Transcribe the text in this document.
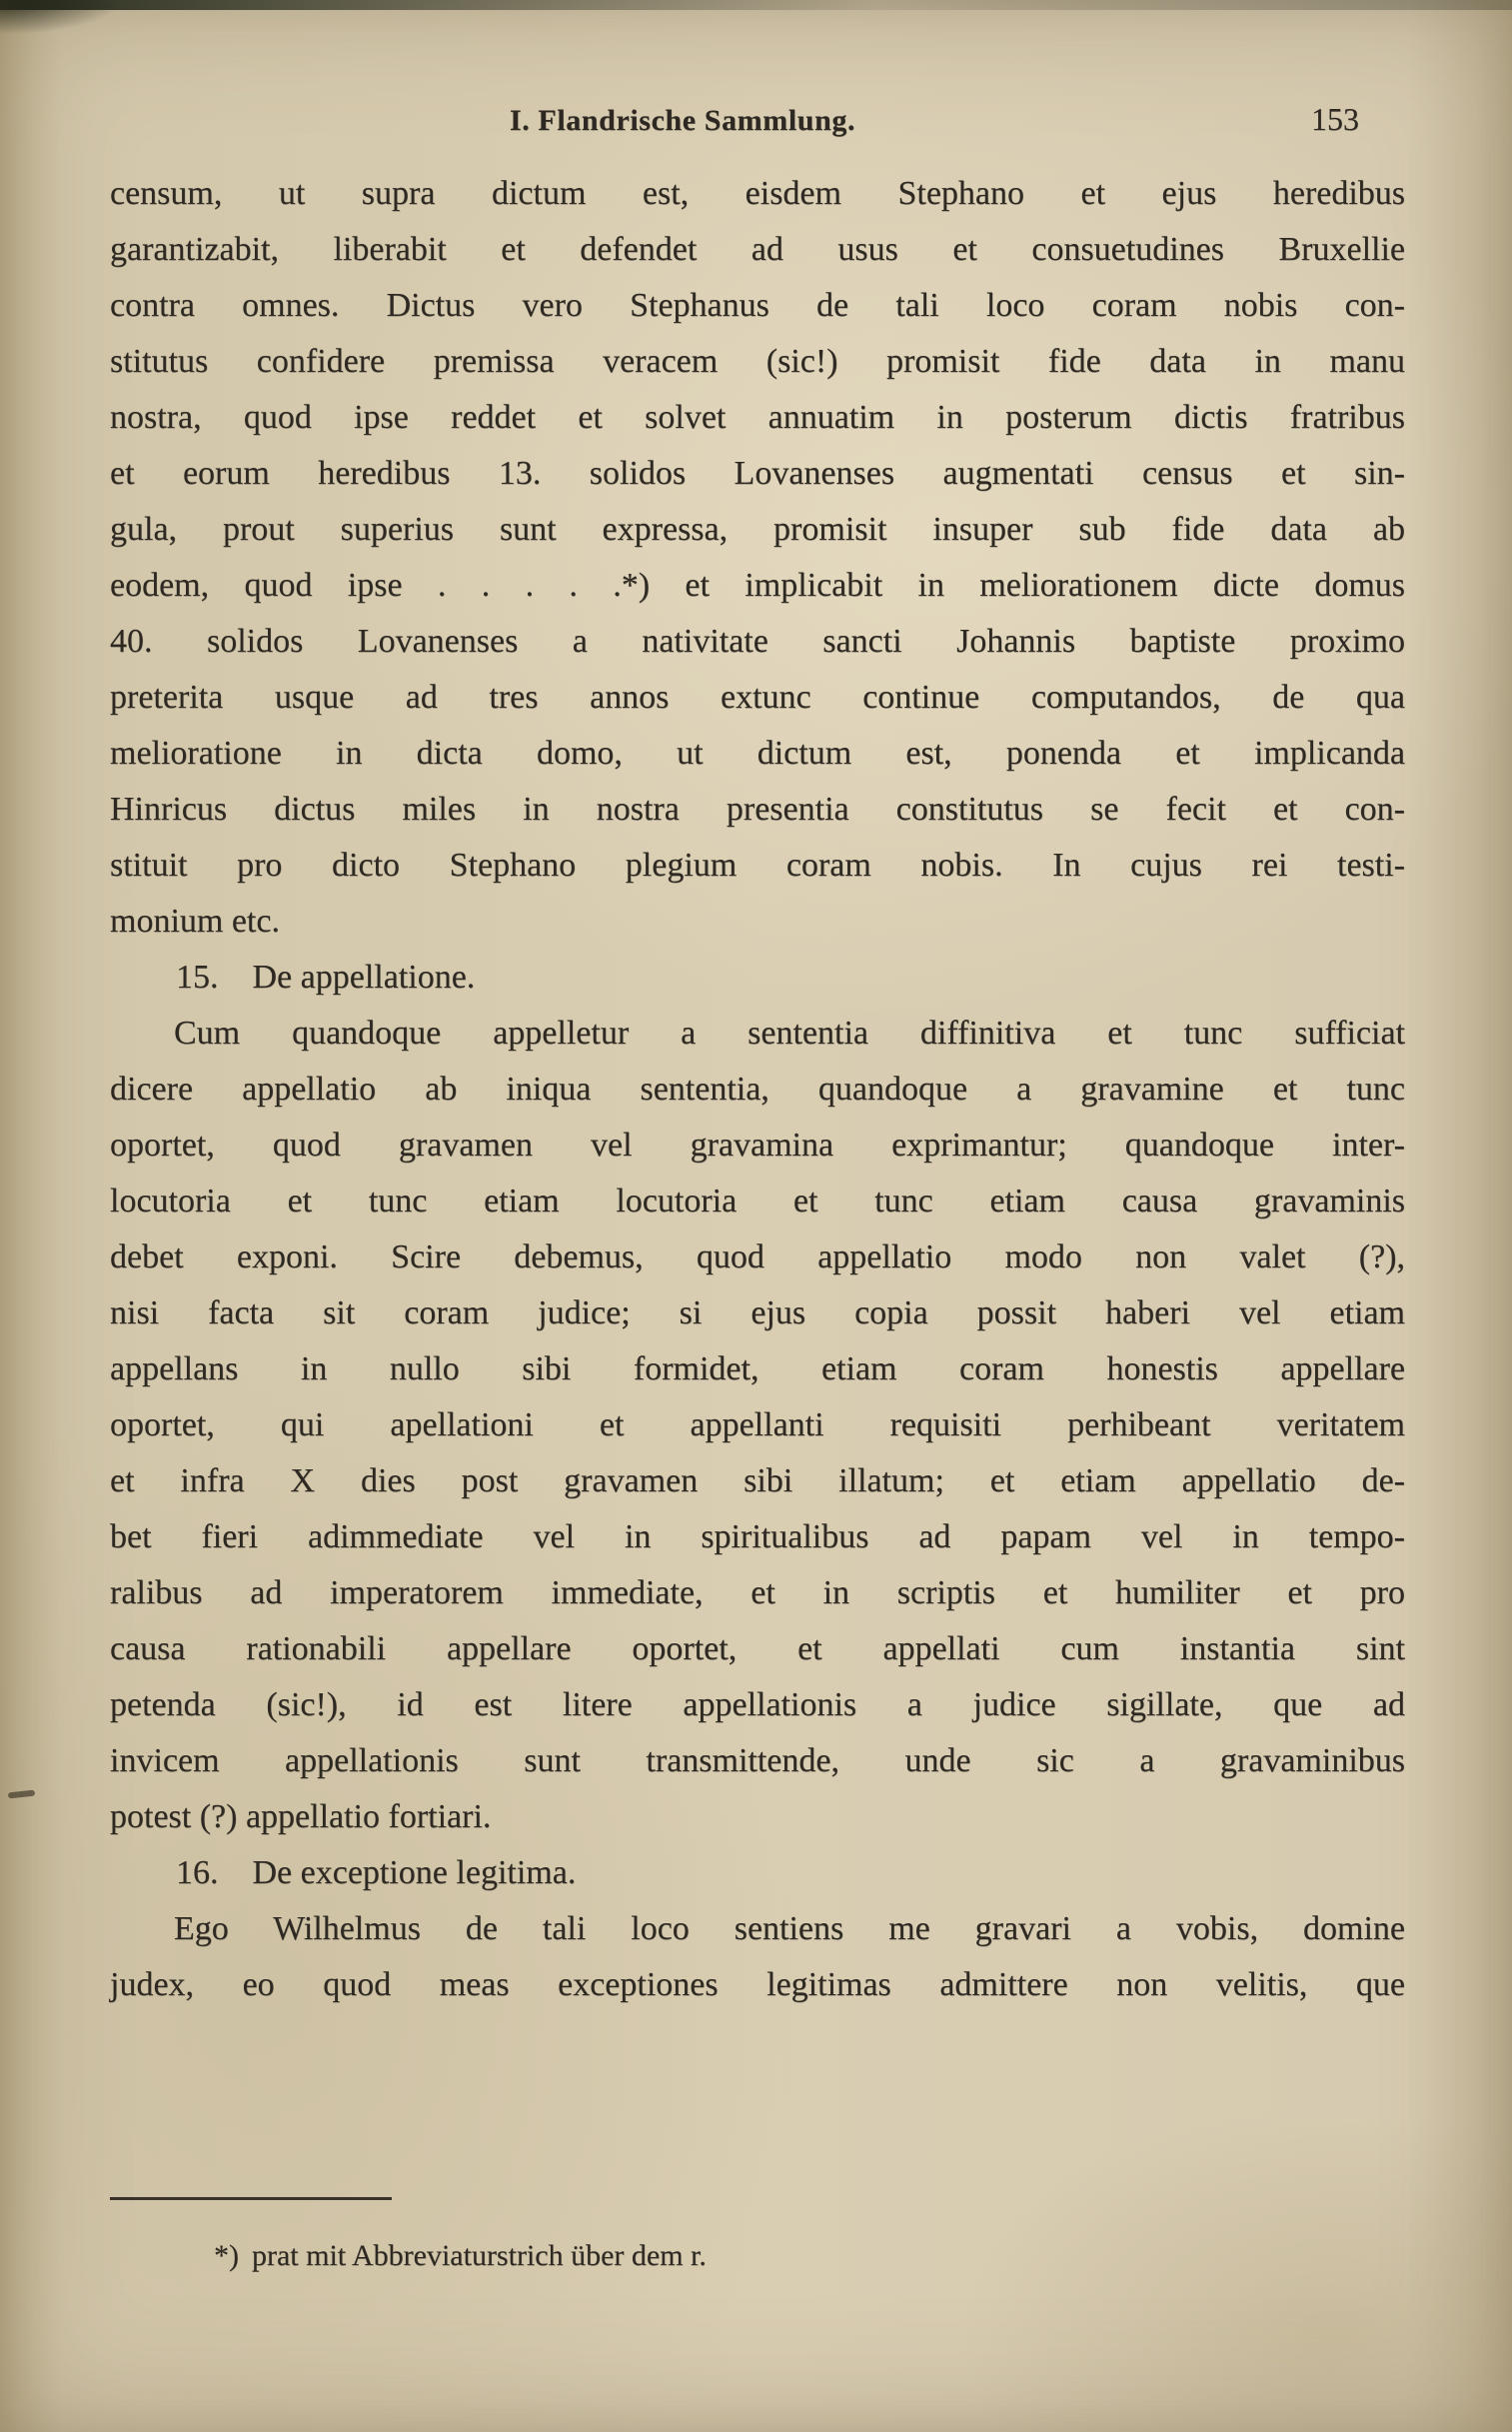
I. Flandrische Sammlung.	153
censum, ut supra dictum est, eisdem Stephano et ejus heredibus
garantizabit, liberabit et defendet ad usus et consuetudines Bruxellie
contra omnes. Dictus vero Stephanus de tali loco coram nobis con-
stitutus confidere premissa veracem (sic!) promisit fide data in manu
nostra, quod ipse reddet et solvet annuatim in posterum dictis fratribus
et eorum heredibus 13. solidos Lovanenses augmentati census et sin-
gula, prout superius sunt expressa, promisit insuper sub fide data ab
eodem, quod ipse . . . . .*) et implicabit in meliorationem dicte domus
40. solidos Lovanenses a nativitate sancti Johannis baptiste proximo
preterita usque ad tres annos extunc continue computandos, de qua
melioratione in dicta domo, ut dictum est, ponenda et implicanda
Hinricus dictus miles in nostra presentia constitutus se fecit et con-
stituit pro dicto Stephano plegium coram nobis. In cujus rei testi-
monium etc.
15. De appellatione.
Cum quandoque appelletur a sententia diffinitiva et tunc sufficiat
dicere appellatio ab iniqua sententia, quandoque a gravamine et tunc
oportet, quod gravamen vel gravamina exprimantur; quandoque inter-
locutoria et tunc etiam locutoria et tunc etiam causa gravaminis
debet exponi. Scire debemus, quod appellatio modo non valet (?),
nisi facta sit coram judice; si ejus copia possit haberi vel etiam
appellans in nullo sibi formidet, etiam coram honestis appellare
oportet, qui apellationi et appellanti requisiti perhibeant veritatem
et infra X dies post gravamen sibi illatum; et etiam appellatio de-
bet fieri adimmediate vel in spiritualibus ad papam vel in tempo-
ralibus ad imperatorem immediate, et in scriptis et humiliter et pro
causa rationabili appellare oportet, et appellati cum instantia sint
petenda (sic!), id est litere appellationis a judice sigillate, que ad
invicem appellationis sunt transmittende, unde sic a gravaminibus
potest (?) appellatio fortiari.
16. De exceptione legitima.
Ego Wilhelmus de tali loco sentiens me gravari a vobis, domine
judex, eo quod meas exceptiones legitimas admittere non velitis, que
*) prat mit Abbreviaturstrich über dem r.
